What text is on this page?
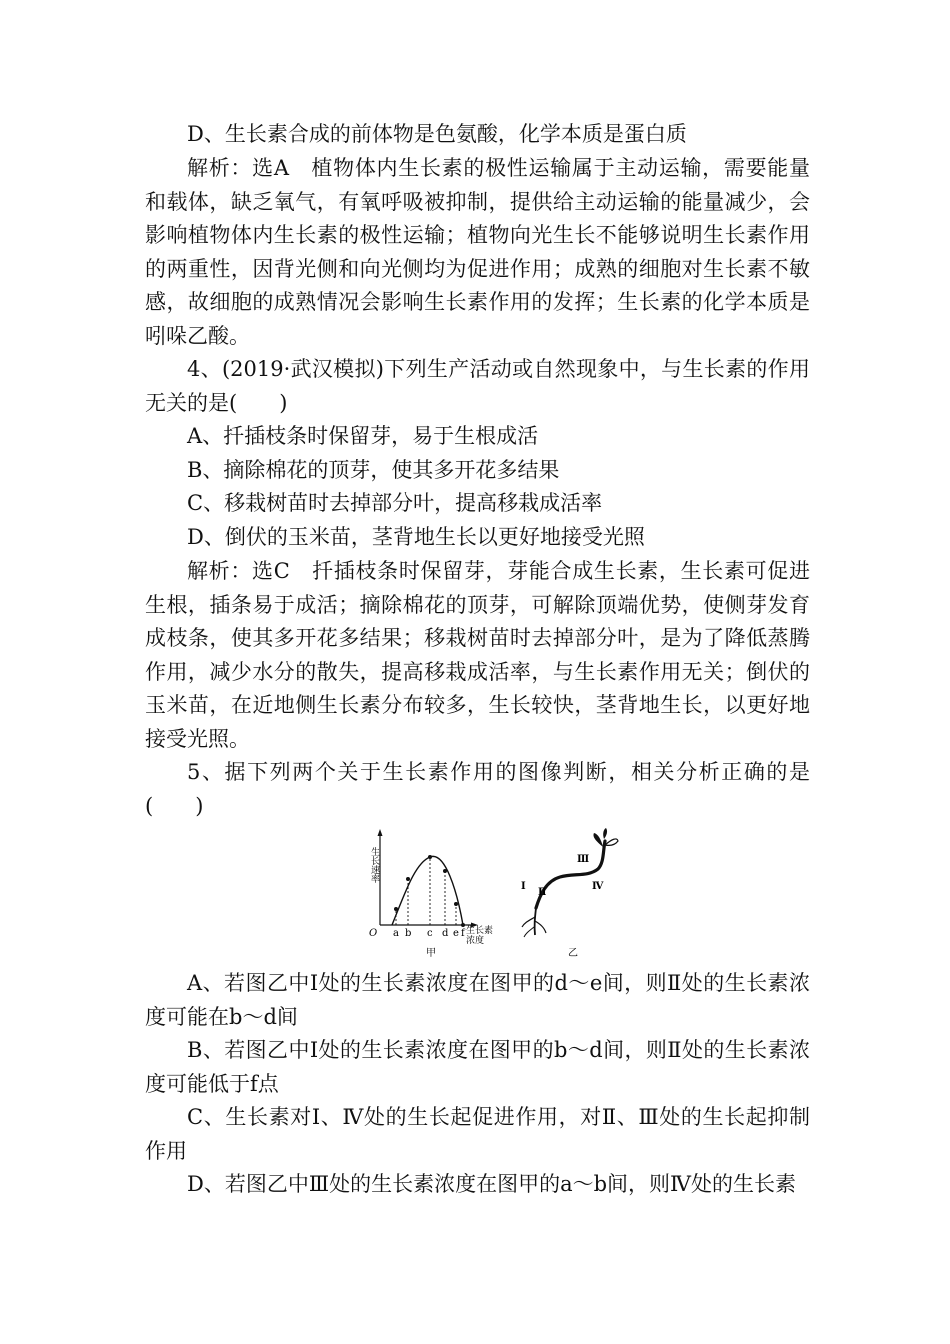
D、生长素合成的前体物是色氨酸，化学本质是蛋白质

解析：选A　植物体内生长素的极性运输属于主动运输，需要能量和载体，缺乏氧气，有氧呼吸被抑制，提供给主动运输的能量减少，会影响植物体内生长素的极性运输；植物向光生长不能够说明生长素作用的两重性，因背光侧和向光侧均为促进作用；成熟的细胞对生长素不敏感，故细胞的成熟情况会影响生长素作用的发挥；生长素的化学本质是吲哚乙酸。

4、(2019·武汉模拟)下列生产活动或自然现象中，与生长素的作用无关的是(　　)

A、扦插枝条时保留芽，易于生根成活

B、摘除棉花的顶芽，使其多开花多结果

C、移栽树苗时去掉部分叶，提高移栽成活率

D、倒伏的玉米苗，茎背地生长以更好地接受光照

解析：选C　扦插枝条时保留芽，芽能合成生长素，生长素可促进生根，插条易于成活；摘除棉花的顶芽，可解除顶端优势，使侧芽发育成枝条，使其多开花多结果；移栽树苗时去掉部分叶，是为了降低蒸腾作用，减少水分的散失，提高移栽成活率，与生长素作用无关；倒伏的玉米苗，在近地侧生长素分布较多，生长较快，茎背地生长，以更好地接受光照。

5、据下列两个关于生长素作用的图像判断，相关分析正确的是(　　)

生长速率
O a b c d e f 生长素
浓度
甲
Ⅰ
Ⅱ
Ⅲ
Ⅳ
乙

A、若图乙中Ⅰ处的生长素浓度在图甲的d～e间，则Ⅱ处的生长素浓度可能在b～d间

B、若图乙中Ⅰ处的生长素浓度在图甲的b～d间，则Ⅱ处的生长素浓度可能低于f点

C、生长素对Ⅰ、Ⅳ处的生长起促进作用，对Ⅱ、Ⅲ处的生长起抑制作用

D、若图乙中Ⅲ处的生长素浓度在图甲的a～b间，则Ⅳ处的生长素
